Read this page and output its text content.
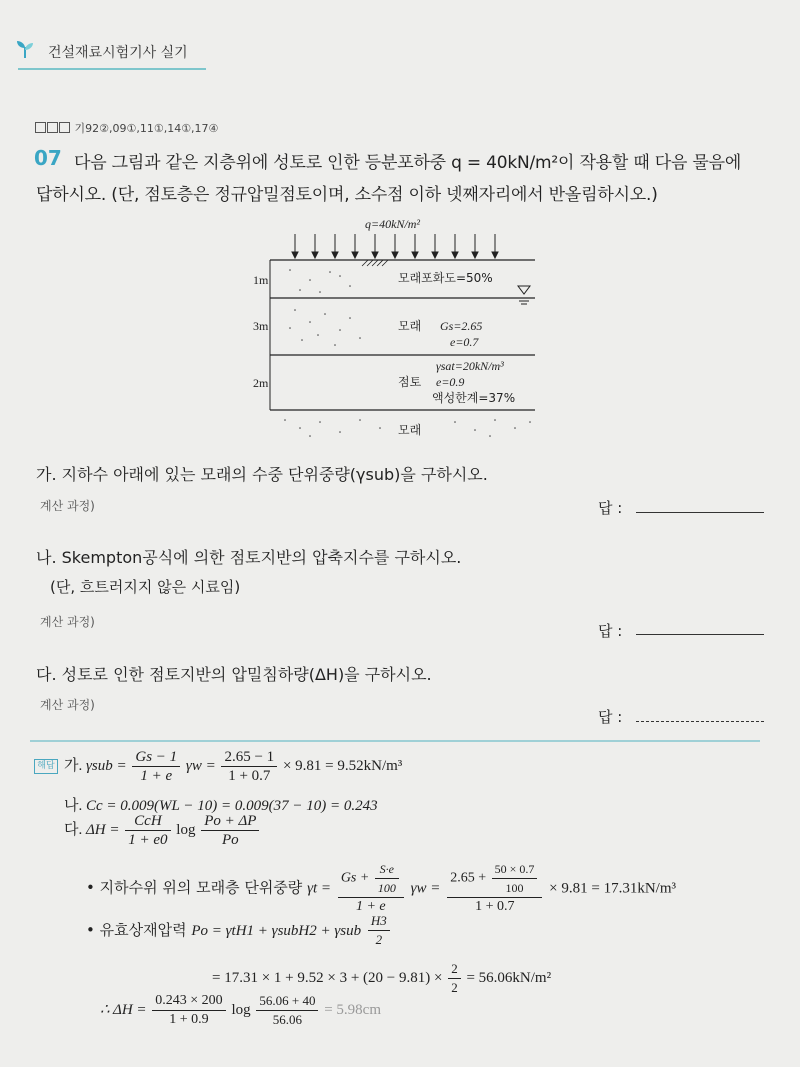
건설재료시험기사 실기
기92②,09①,11①,14①,17④
07 다음 그림과 같은 지층위에 성토로 인한 등분포하중 q = 40kN/m²이 작용할 때 다음 물음에
답하시오. (단, 점토층은 정규압밀점토이며, 소수점 이하 넷째자리에서 반올림하시오.)
q=40kN/m²
1m
3m
2m
모래포화도=50%
모래 Gs=2.65
e=0.7
γsat=20kN/m³
점토 e=0.9
액성한계=37%
모래
가. 지하수 아래에 있는 모래의 수중 단위중량(γsub)을 구하시오.
계산 과정)	답 :
나. Skempton공식에 의한 점토지반의 압축지수를 구하시오.
(단, 흐트러지지 않은 시료임)
계산 과정)	답 :
다. 성토로 인한 점토지반의 압밀침하량(ΔH)을 구하시오.
계산 과정)
답 :
해답 가. $\gamma sub = \frac{Gs - 1}{1 + e}$ $\gamma w = \frac{2.65 - 1}{1 + 0.7} \times 9.81 = 9.52kN/m^3$
나. Cc = 0.009(WL − 10) = 0.009(37 − 10) = 0.243
다. $\Delta H = \frac{\text{CcH}}{1 + e0}$ $\log \frac{Po + \Delta P}{Po}$
• 지하수위 위의 모래층 단위중량 $\gamma t = \frac{Gs + \frac{S\cdot e}{100}}{1 + e}$ $\gamma w = \frac{2.65 + \frac{50 \times 0.7}{100}}{1 + 0.7} \times 9.81 = 17.31kN/m^3$
• 유효상재압력 Po = γtH1 + γsubH2 + γsub $\frac{H3}{2}$
= $17.31 \times 1 + 9.52 \times 3 + (20 - 9.81) \times \frac{2}{2} = 56.06kN/m^2$
∴ $\Delta H = \frac{0.243 \times 200}{1 + 0.9}$ $\log \frac{56.06 + 40}{56.06} = 5.98cm$
